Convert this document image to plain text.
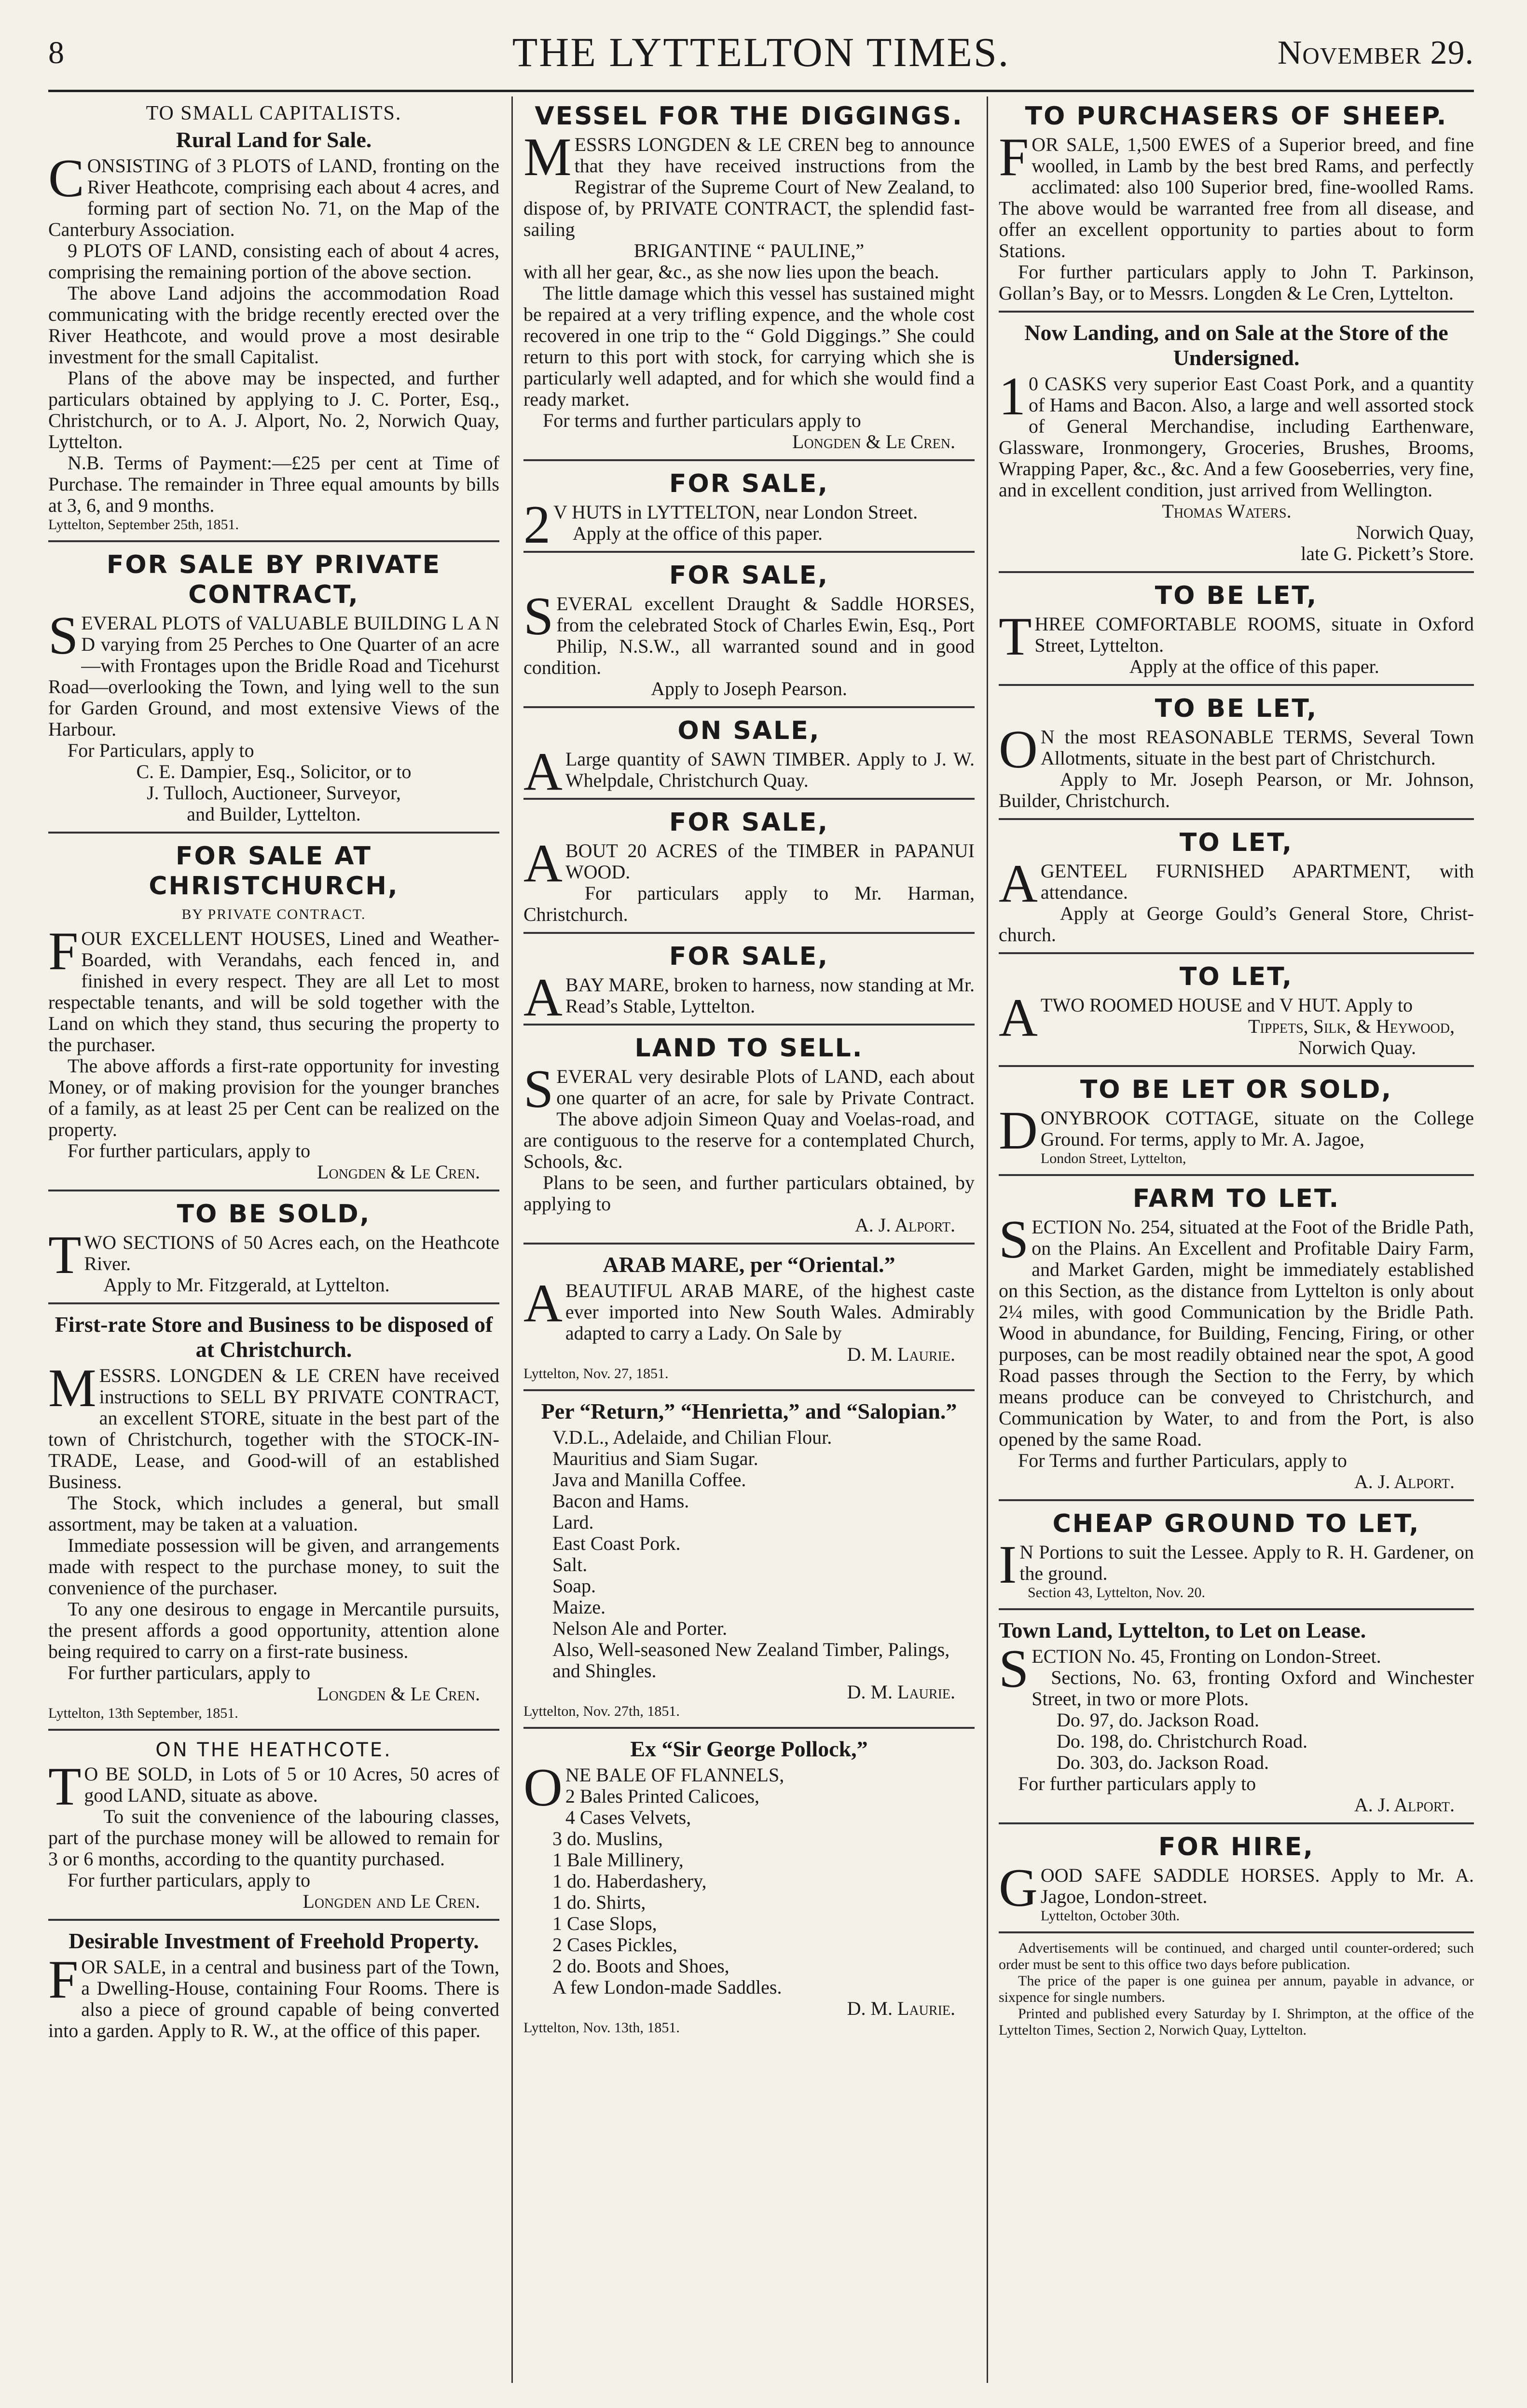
8	THE LYTTELTON TIMES.	November 29.
TO SMALL CAPITALISTS.
Rural Land for Sale.

CONSISTING of 3 PLOTS of LAND, fronting on the River Heathcote, comprising each about 4 acres, and forming part of section No. 71, on the Map of the Canterbury Association.

9 PLOTS OF LAND, consisting each of about 4 acres, comprising the remaining portion of the above section.

The above Land adjoins the accommodation Road communicating with the bridge recently erected over the River Heathcote, and would prove a most desirable investment for the small Capitalist.

Plans of the above may be inspected, and further particulars obtained by applying to J. C. Porter, Esq., Christchurch, or to A. J. Alport, No. 2, Norwich Quay, Lyttelton.

N.B. Terms of Payment:—£25 per cent at Time of Purchase. The remainder in Three equal amounts by bills at 3, 6, and 9 months.

Lyttelton, September 25th, 1851.
FOR SALE BY PRIVATE CONTRACT,

SEVERAL PLOTS of VALUABLE BUILDING L A N D varying from 25 Perches to One Quarter of an acre—with Frontages upon the Bridle Road and Ticehurst Road—overlooking the Town, and lying well to the sun for Garden Ground, and most extensive Views of the Harbour.

For Particulars, apply to

C. E. Dampier, Esq., Solicitor, or to

J. Tulloch, Auctioneer, Surveyor,

and Builder, Lyttelton.

FOR SALE AT CHRISTCHURCH,
BY PRIVATE CONTRACT.

FOUR EXCELLENT HOUSES, Lined and Weather-Boarded, with Verandahs, each fenced in, and finished in every respect. They are all Let to most respectable tenants, and will be sold together with the Land on which they stand, thus securing the property to the purchaser.

The above affords a first-rate opportunity for investing Money, or of making provision for the younger branches of a family, as at least 25 per Cent can be realized on the property.

For further particulars, apply to

Longden & Le Cren.
TO BE SOLD,

TWO SECTIONS of 50 Acres each, on the Heathcote River.

Apply to Mr. Fitzgerald, at Lyttelton.

First-rate Store and Business to be disposed of at Christchurch.

MESSRS. LONGDEN & LE CREN have received instructions to SELL BY PRIVATE CONTRACT, an excellent STORE, situate in the best part of the town of Christchurch, together with the STOCK-IN-TRADE, Lease, and Good-will of an established Business.

The Stock, which includes a general, but small assortment, may be taken at a valuation.

Immediate possession will be given, and arrangements made with respect to the purchase money, to suit the convenience of the purchaser.

To any one desirous to engage in Mercantile pursuits, the present affords a good opportunity, attention alone being required to carry on a first-rate business.

For further particulars, apply to

Longden & Le Cren.
Lyttelton, 13th September, 1851.
ON THE HEATHCOTE.

TO BE SOLD, in Lots of 5 or 10 Acres, 50 acres of good LAND, situate as above.

To suit the convenience of the labouring classes, part of the purchase money will be allowed to remain for 3 or 6 months, according to the quantity purchased.

For further particulars, apply to

Longden and Le Cren.
Desirable Investment of Freehold Property.

FOR SALE, in a central and business part of the Town, a Dwelling-House, containing Four Rooms. There is also a piece of ground capable of being converted into a garden. Apply to R. W., at the office of this paper.

VESSEL FOR THE DIGGINGS.

MESSRS LONGDEN & LE CREN beg to announce that they have received instructions from the Registrar of the Supreme Court of New Zealand, to dispose of, by PRIVATE CONTRACT, the splendid fast-sailing

BRIGANTINE “ PAULINE,”

with all her gear, &c., as she now lies upon the beach.

The little damage which this vessel has sustained might be repaired at a very trifling expence, and the whole cost recovered in one trip to the “ Gold Diggings.” She could return to this port with stock, for carrying which she is particularly well adapted, and for which she would find a ready market.

For terms and further particulars apply to

Longden & Le Cren.
FOR SALE,

2V HUTS in LYTTELTON, near London Street.

Apply at the office of this paper.

FOR SALE,

SEVERAL excellent Draught & Saddle HORSES, from the celebrated Stock of Charles Ewin, Esq., Port Philip, N.S.W., all warranted sound and in good condition.

Apply to Joseph Pearson.

ON SALE,

ALarge quantity of SAWN TIMBER. Apply to J. W. Whelpdale, Christchurch Quay.

FOR SALE,

ABOUT 20 ACRES of the TIMBER in PAPANUI WOOD.

For particulars apply to Mr. Harman, Christchurch.

FOR SALE,

ABAY MARE, broken to harness, now standing at Mr. Read’s Stable, Lyttelton.

LAND TO SELL.

SEVERAL very desirable Plots of LAND, each about one quarter of an acre, for sale by Private Contract. The above adjoin Simeon Quay and Voelas-road, and are contiguous to the reserve for a contemplated Church, Schools, &c.

Plans to be seen, and further particulars obtained, by applying to

A. J. Alport.
ARAB MARE, per “Oriental.”

ABEAUTIFUL ARAB MARE, of the highest caste ever imported into New South Wales. Admirably adapted to carry a Lady. On Sale by

D. M. Laurie.
Lyttelton, Nov. 27, 1851.
Per “Return,” “Henrietta,” and “Salopian.”
V.D.L., Adelaide, and Chilian Flour.
Mauritius and Siam Sugar.
Java and Manilla Coffee.
Bacon and Hams.
Lard.
East Coast Pork.
Salt.
Soap.
Maize.
Nelson Ale and Porter.
Also, Well-seasoned New Zealand Timber, Palings, and Shingles.
D. M. Laurie.
Lyttelton, Nov. 27th, 1851.
Ex “Sir George Pollock,”

ONE BALE OF FLANNELS,

2 Bales Printed Calicoes,
4 Cases Velvets,
3 do. Muslins,
1 Bale Millinery,
1 do. Haberdashery,
1 do. Shirts,
1 Case Slops,
2 Cases Pickles,
2 do. Boots and Shoes,
A few London-made Saddles.
D. M. Laurie.
Lyttelton, Nov. 13th, 1851.
TO PURCHASERS OF SHEEP.

FOR SALE, 1,500 EWES of a Superior breed, and fine woolled, in Lamb by the best bred Rams, and perfectly acclimated: also 100 Superior bred, fine-woolled Rams. The above would be warranted free from all disease, and offer an excellent opportunity to parties about to form Stations.

For further particulars apply to John T. Parkinson, Gollan’s Bay, or to Messrs. Longden & Le Cren, Lyttelton.

Now Landing, and on Sale at the Store of the Undersigned.

10 CASKS very superior East Coast Pork, and a quantity of Hams and Bacon. Also, a large and well assorted stock of General Merchandise, including Earthenware, Glassware, Ironmongery, Groceries, Brushes, Brooms, Wrapping Paper, &c., &c. And a few Gooseberries, very fine, and in excellent condition, just arrived from Wellington.

Thomas Waters.
Norwich Quay,
late G. Pickett’s Store.
TO BE LET,

THREE COMFORTABLE ROOMS, situate in Oxford Street, Lyttelton.

Apply at the office of this paper.

TO BE LET,

ON the most REASONABLE TERMS, Several Town Allotments, situate in the best part of Christchurch.

Apply to Mr. Joseph Pearson, or Mr. Johnson, Builder, Christchurch.

TO LET,

AGENTEEL FURNISHED APARTMENT, with attendance.

Apply at George Gould’s General Store, Christ-church.

TO LET,

ATWO ROOMED HOUSE and V HUT. Apply to

Tippets, Silk, & Heywood,
Norwich Quay.
TO BE LET OR SOLD,

DONYBROOK COTTAGE, situate on the College Ground. For terms, apply to Mr. A. Jagoe,

London Street, Lyttelton,
FARM TO LET.

SECTION No. 254, situated at the Foot of the Bridle Path, on the Plains. An Excellent and Profitable Dairy Farm, and Market Garden, might be immediately established on this Section, as the distance from Lyttelton is only about 2¼ miles, with good Communication by the Bridle Path. Wood in abundance, for Building, Fencing, Firing, or other purposes, can be most readily obtained near the spot, A good Road passes through the Section to the Ferry, by which means produce can be conveyed to Christchurch, and Communication by Water, to and from the Port, is also opened by the same Road.

For Terms and further Particulars, apply to

A. J. Alport.
CHEAP GROUND TO LET,

IN Portions to suit the Lessee. Apply to R. H. Gardener, on the ground.

Section 43, Lyttelton, Nov. 20.
Town Land, Lyttelton, to Let on Lease.

SECTION No. 45, Fronting on London-Street.

Sections, No. 63, fronting Oxford and Winchester Street, in two or more Plots.

Do. 97, do. Jackson Road.
Do. 198, do. Christchurch Road.
Do. 303, do. Jackson Road.

For further particulars apply to

A. J. Alport.
FOR HIRE,

GOOD SAFE SADDLE HORSES. Apply to Mr. A. Jagoe, London-street.

Lyttelton, October 30th.

Advertisements will be continued, and charged until counter-ordered; such order must be sent to this office two days before publication.

The price of the paper is one guinea per annum, payable in advance, or sixpence for single numbers.

Printed and published every Saturday by I. Shrimpton, at the office of the Lyttelton Times, Section 2, Norwich Quay, Lyttelton.
